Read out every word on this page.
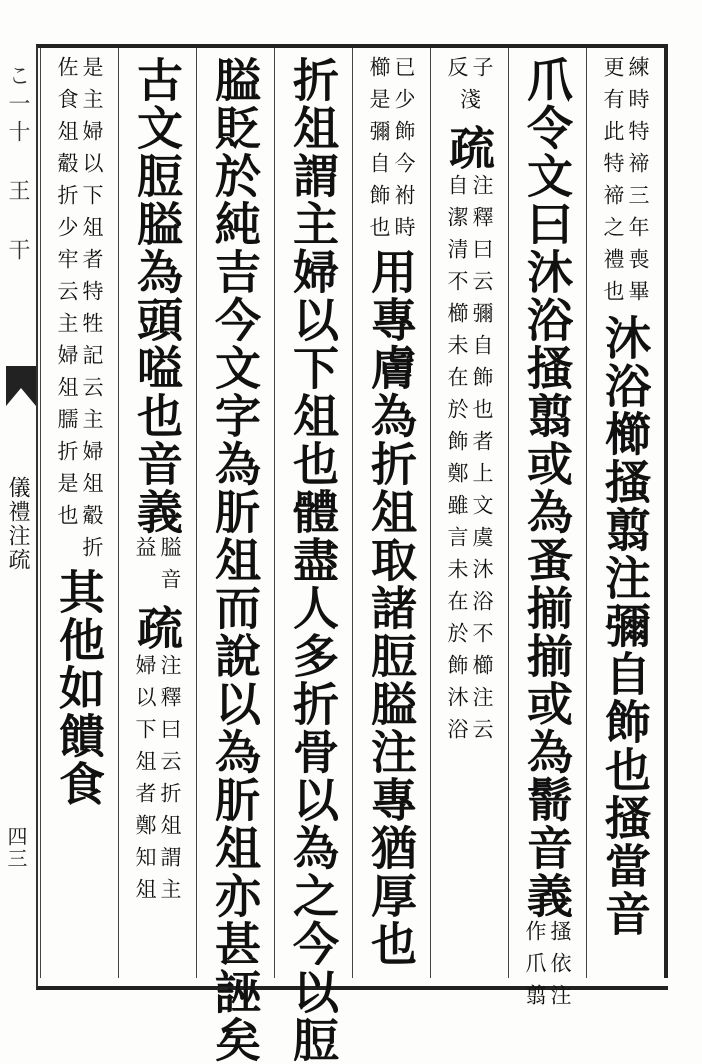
こ一十 王 干
儀禮注疏
四三
練時特禘三年喪畢
更有此特禘之禮也
沐浴櫛搔翦注彌自飾也搔當音
爪令文曰沐浴搔翦或為蚤揃揃或為鬋音義
搔依注
作爪翦
子
反
淺
疏
注釋曰云彌自飾也者上文虞沐浴不櫛注云
自潔清不櫛未在於飾鄭雖言未在於飾沐浴
已少飾今袝時
櫛是彌自飾也
用專膚為折俎取諸脰膉注專猶厚也
折俎謂主婦以下俎也體盡人多折骨以為之今以脰
膉貶於純吉今文字為肵俎而說以為肵俎亦甚誣矣
古文脰膉為頭嗌也音義
膉音
益
疏
注釋曰云折俎謂主
婦以下俎者鄭知俎
是主婦以下俎者特牲記云主婦俎觳折
佐食俎觳折少牢云主婦俎臑折是也
其他如饋食
